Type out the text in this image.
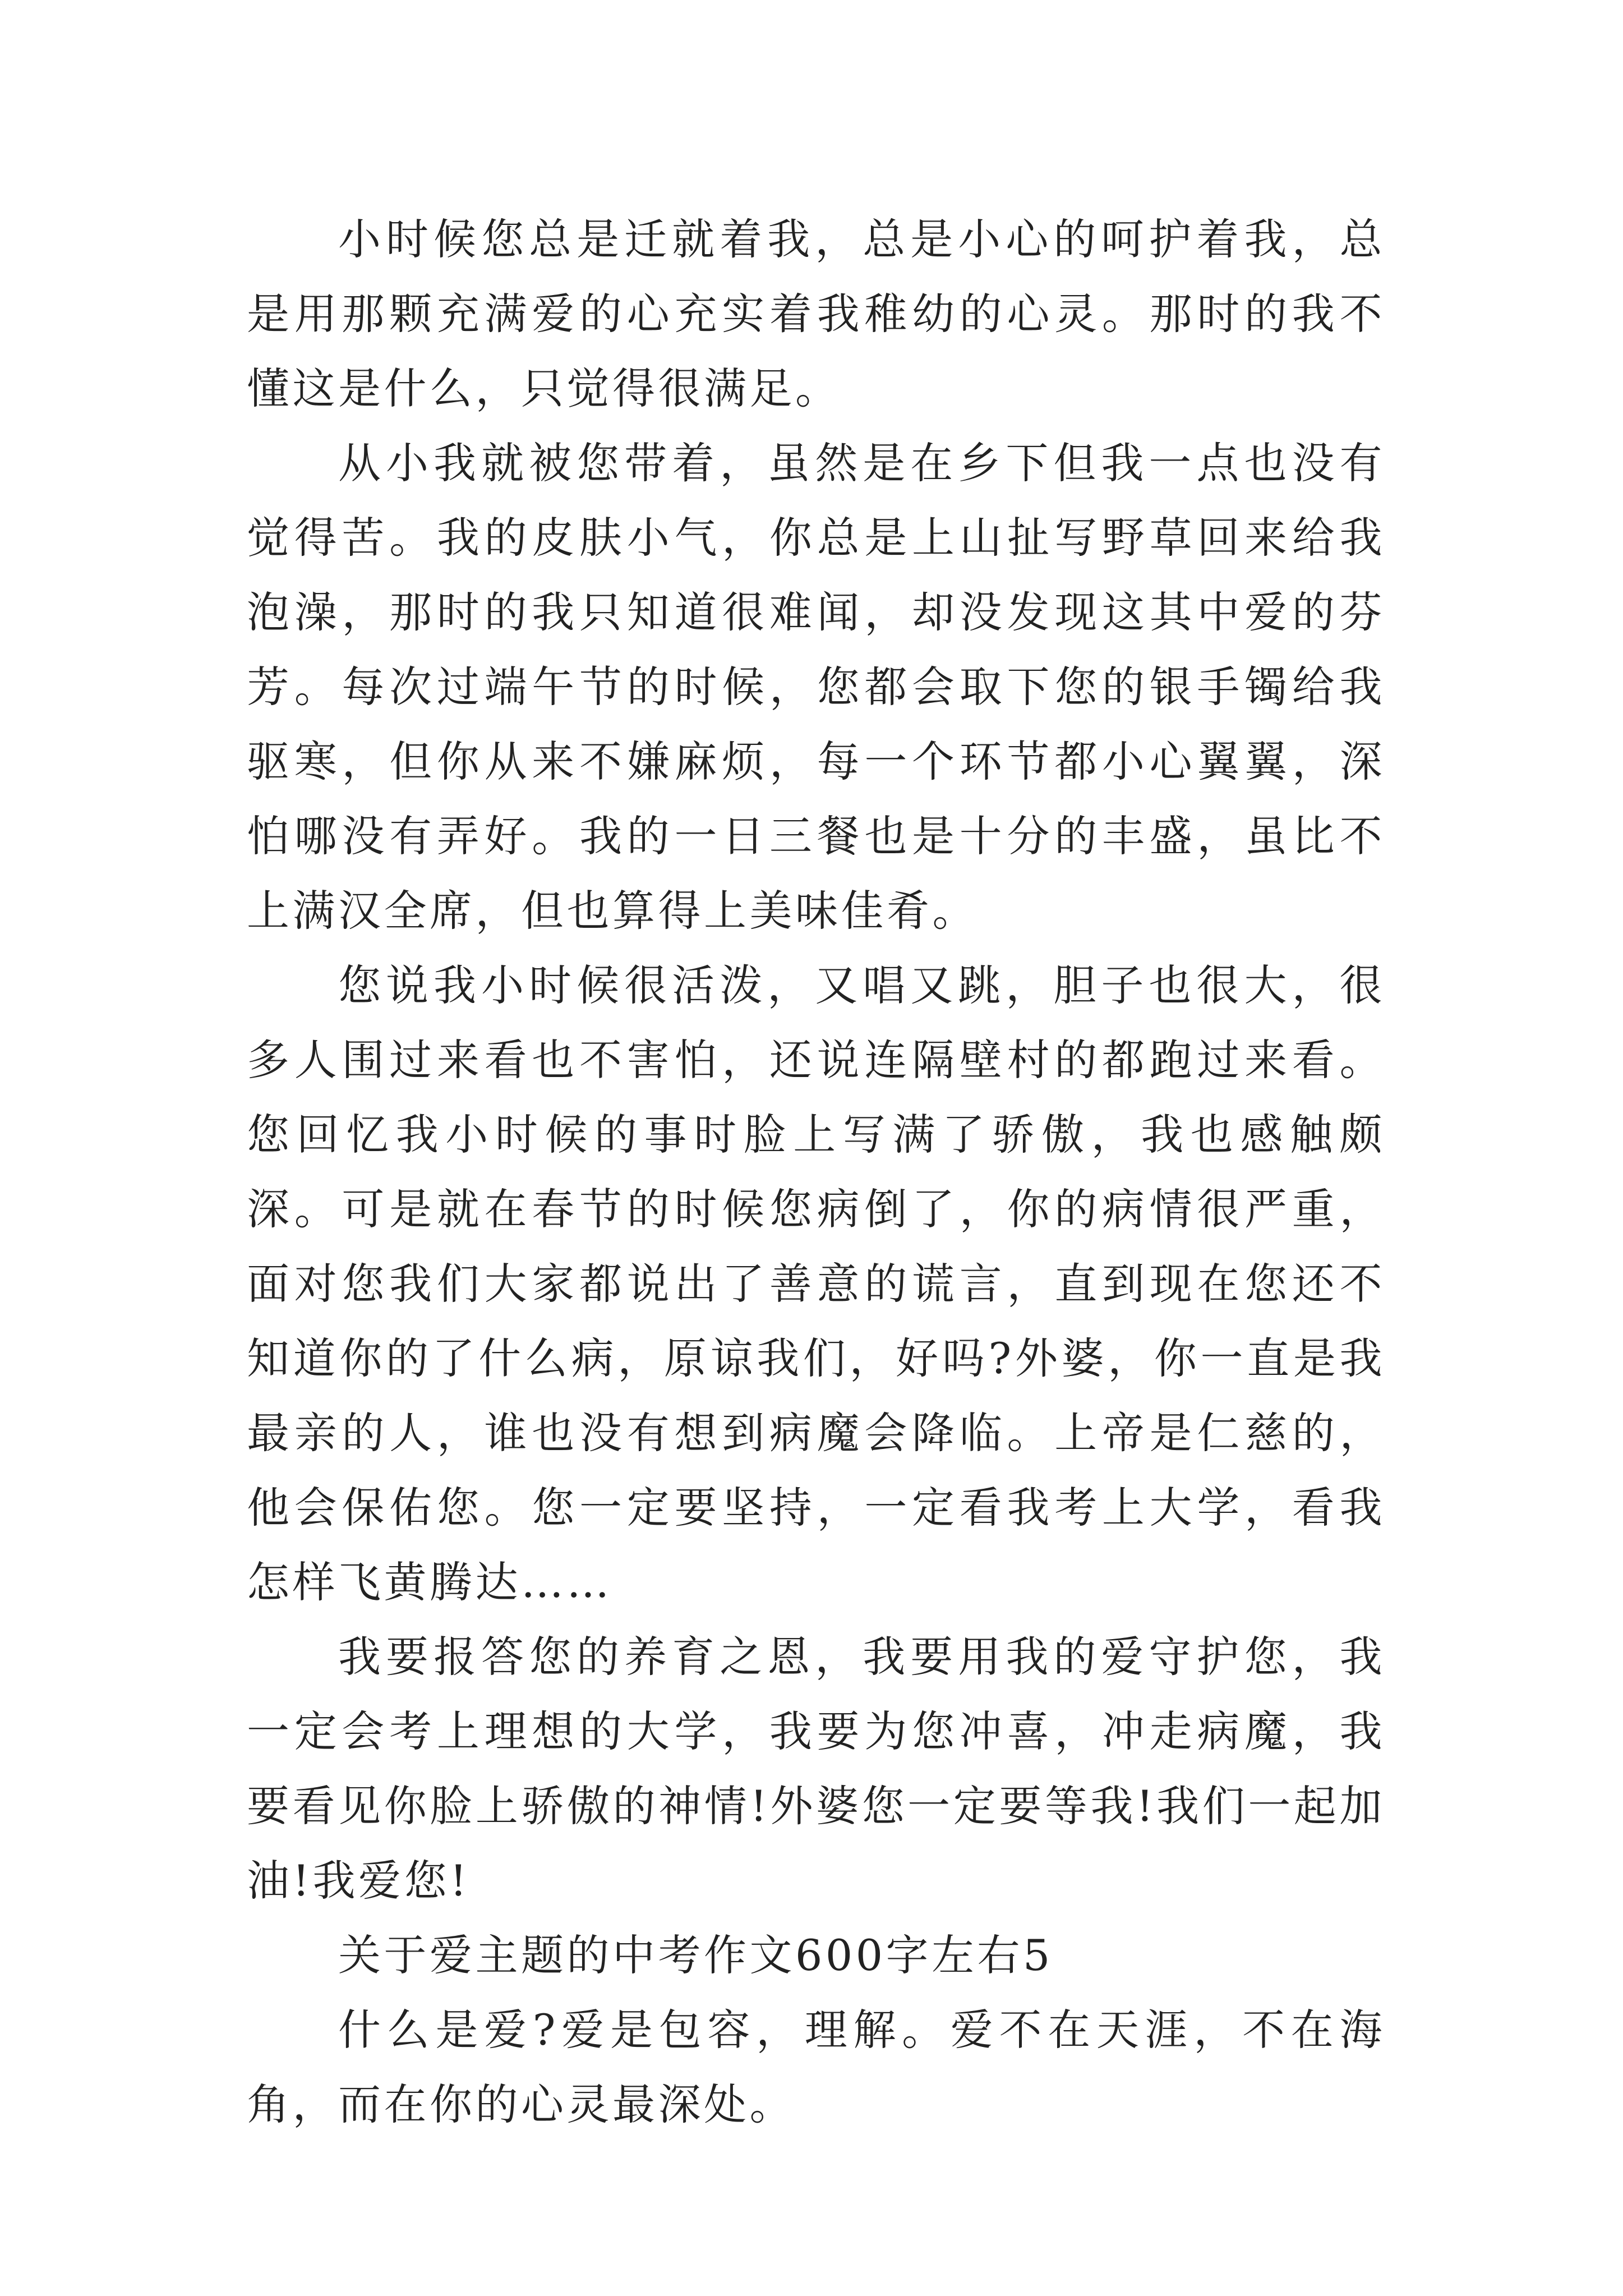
小时候您总是迁就着我，总是小心的呵护着我，总是用那颗充满爱的心充实着我稚幼的心灵。那时的我不懂这是什么，只觉得很满足。

从小我就被您带着，虽然是在乡下但我一点也没有觉得苦。我的皮肤小气，你总是上山扯写野草回来给我泡澡，那时的我只知道很难闻，却没发现这其中爱的芬芳。每次过端午节的时候，您都会取下您的银手镯给我驱寒，但你从来不嫌麻烦，每一个环节都小心翼翼，深怕哪没有弄好。我的一日三餐也是十分的丰盛，虽比不上满汉全席，但也算得上美味佳肴。

您说我小时候很活泼，又唱又跳，胆子也很大，很多人围过来看也不害怕，还说连隔壁村的都跑过来看。您回忆我小时候的事时脸上写满了骄傲，我也感触颇深。可是就在春节的时候您病倒了，你的病情很严重，面对您我们大家都说出了善意的谎言，直到现在您还不知道你的了什么病，原谅我们，好吗?外婆，你一直是我最亲的人，谁也没有想到病魔会降临。上帝是仁慈的，他会保佑您。您一定要坚持，一定看我考上大学，看我怎样飞黄腾达……

我要报答您的养育之恩，我要用我的爱守护您，我一定会考上理想的大学，我要为您冲喜，冲走病魔，我要看见你脸上骄傲的神情!外婆您一定要等我!我们一起加油!我爱您!

关于爱主题的中考作文600字左右5

什么是爱?爱是包容，理解。爱不在天涯，不在海角，而在你的心灵最深处。
